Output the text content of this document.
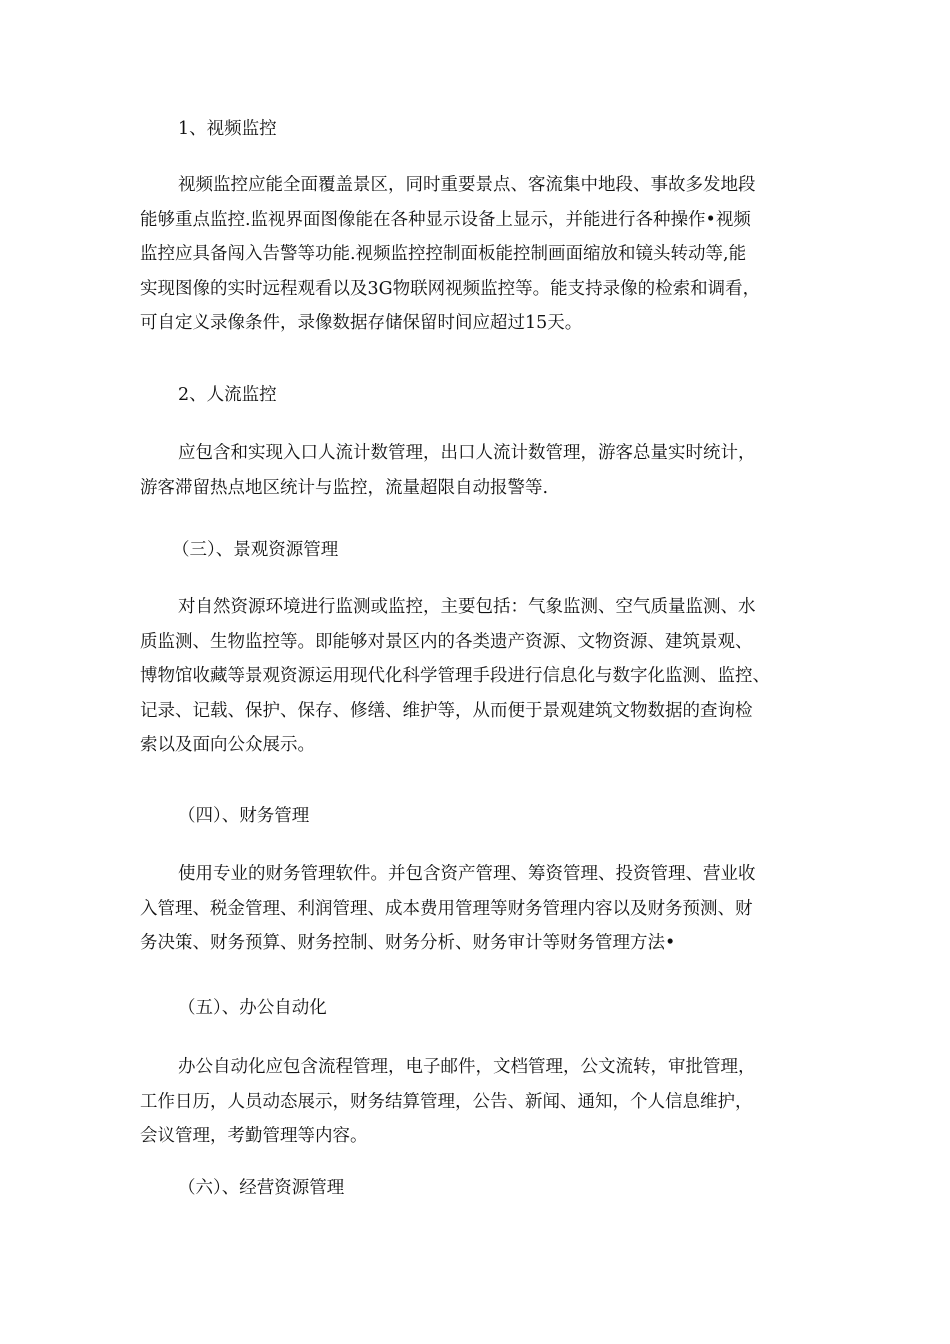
1、视频监控
视频监控应能全面覆盖景区，同时重要景点、客流集中地段、事故多发地段
能够重点监控.监视界面图像能在各种显示设备上显示，并能进行各种操作•视频
监控应具备闯入告警等功能.视频监控控制面板能控制画面缩放和镜头转动等,能
实现图像的实时远程观看以及3G物联网视频监控等。能支持录像的检索和调看，
可自定义录像条件，录像数据存储保留时间应超过15天。
2、人流监控
应包含和实现入口人流计数管理，出口人流计数管理，游客总量实时统计，
游客滞留热点地区统计与监控，流量超限自动报警等.
（三）、景观资源管理
对自然资源环境进行监测或监控，主要包括：气象监测、空气质量监测、水
质监测、生物监控等。即能够对景区内的各类遗产资源、文物资源、建筑景观、
博物馆收藏等景观资源运用现代化科学管理手段进行信息化与数字化监测、监控、
记录、记载、保护、保存、修缮、维护等，从而便于景观建筑文物数据的查询检
索以及面向公众展示。
（四）、财务管理
使用专业的财务管理软件。并包含资产管理、筹资管理、投资管理、营业收
入管理、税金管理、利润管理、成本费用管理等财务管理内容以及财务预测、财
务决策、财务预算、财务控制、财务分析、财务审计等财务管理方法•
（五）、办公自动化
办公自动化应包含流程管理，电子邮件，文档管理，公文流转，审批管理，
工作日历，人员动态展示，财务结算管理，公告、新闻、通知，个人信息维护，
会议管理，考勤管理等内容。
（六）、经营资源管理
